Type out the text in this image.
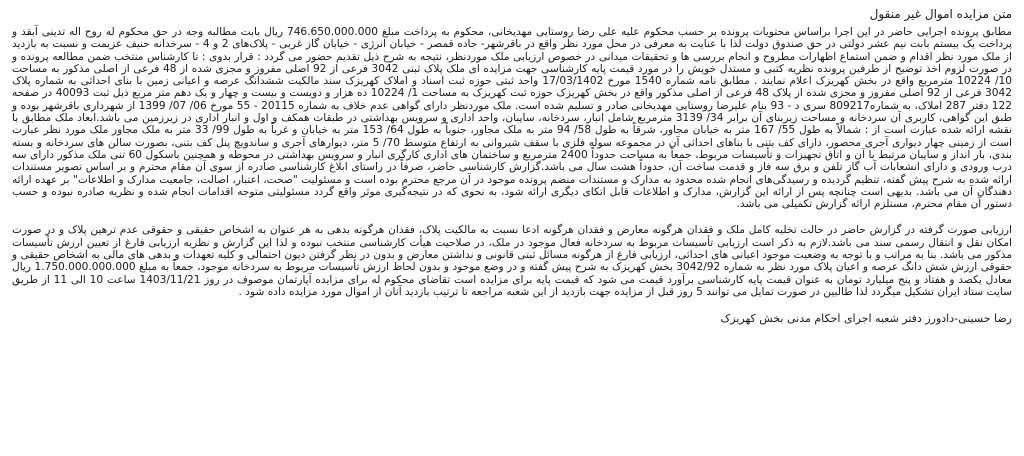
متن مزایده اموال غیر منقول

مطابق پرونده اجرایی حاضر در این اجرا براساس محتویات پرونده بر حسب محکوم علیه علی رضا روستایی مهدیخانی، محکوم به پرداخت مبلغ 746.650.000.000 ریال بابت مطالبه وجه در حق محکوم له روح اله تدینی آبقد و پرداخت یک بیستم بابت نیم عشر دولتی در حق صندوق دولت لذا با عنایت به معرفی در محل مورد نظر واقع در باقرشهر- جاده قمصر - خیابان انرژی - خیابان گاز غربی - پلاک‌های 2 و 4 - سرخدانه حنیف عزیمت و نسبت به بازدید از ملک مورد نظر اقدام و ضمن استماع اظهارات مطروح و انجام بررسی ها و تحقیقات میدانی در خصوص ارزیابی ملک موردنظر، نتیجه به شرح ذیل تقدیم حضور می گردد : قرار بدوی : تا کارشناس منتخب ضمن مطالعه پرونده و در صورت لزوم اخذ توضیح از طرفین پرونده نظریه کتبی و مستدل خویش را در مورد قیمت پایه کارشناسی جهت مزایده ای ملک پلاک ثبتی 3042 فرعی از 92 اصلی مفروز و مجزی شده از 48 فرعی از اصلی مذکور به مساحت 10/ 10224 مترمربع واقع در بخش کهریزک اعلام نمایند . مطابق نامه شماره 1540 مورخ 17/03/1402 واحد ثبتی حوزه ثبت اسناد و املاک کهریزک سند مالکیت ششدانگ عرصه و اعیانی زمین با بنای احداثی به شماره پلاک 3042 فرعی از 92 اصلی مفروز و مجزی شده از پلاک 48 فرعی از اصلی مذکور واقع در بخش کهریزک حوزه ثبت کهریزک به مساحت 1/ 10224 ده هزار و دویست و بیست و چهار و یک دهم متر مربع ذیل ثبت 40093 در صفحه 122 دفتر 287 املاک، به شماره809217 سری د - 93 بنام علیرضا روستایی مهدیخانی صادر و تسلیم شده است. ملک موردنظر دارای گواهی عدم خلاف به شماره 20115 - 55 مورخ 06/ 07/ 1399 از شهرداری باقرشهر بوده و طبق این گواهی، کاربری آن سردخانه و مساحت زیربنای آن برابر 34/ 3139 مترمربع شامل انبار، سردخانه، سایبان، واحد اداری و سرویس بهداشتی در طبقات همکف و اول و انبار اداری در زیرزمین می باشد.ابعاد ملک مطابق با نقشه ارائه شده عبارت است از : شمالاً به طول 55/ 167 متر به خیابان مجاور، شرقاً به طول 58/ 94 متر به ملک مجاور، جنوباً به طول 64/ 153 متر به خیابان و غرباً به طول 99/ 33 متر به ملک مجاور ملک مورد نظر عبارت است از زمینی چهار دیواری آجری محصور، دارای کف بتنی با بناهای احداثی آن در مجموعه سوله فلزی با سقف شیروانی به ارتفاع متوسط 70/ 5 متر، دیوارهای آجری و ساندویچ پنل کف بتنی، بصورت سالن های سردخانه و بسته بندی، بار انداز و سایبان مرتبط با آن و اتاق تجهیزات و تأسیسات مربوط، جمعاً به مساحت حدوداً 2400 مترمربع و ساختمان های اداری کارگری انبار و سرویس بهداشتی در محوطه و همچنین باسکول 60 تنی ملک مذکور دارای سه درب ورودی و دارای انشعابات آب گاز تلفن و برق سه فاز و قدمت ساخت آن، حدوداً هشت سال می باشد.گزارش کارشناسی حاضر، صرفاً در راستای ابلاغ کارشناسی صادره از سوی آن مقام محترم و بر اساس تصویر مستندات ارائه شده به شرح پیش گفته، تنظیم گردیده و رسیدگی‌های انجام شده محدود به مدارک و مستندات منضم پرونده موجود در آن مرجع محترم بوده است و مسئولیت "صحت، اعتبار، اصالت، جامعیت مدارک و اطلاعات" بر عهده ارائه دهندگان آن می باشد. بدیهی است چنانچه پس از ارائه این گزارش، مدارک و اطلاعات قابل اتکای دیگری ارائه شود، به نحوی که در نتیجه‌گیری موثر واقع گردد مسئولیتی متوجه اقدامات انجام شده و نظریه صادره نبوده و حسب دستور آن مقام محترم، مستلزم ارائه گزارش تکمیلی می باشد.

ارزیابی صورت گرفته در گزارش حاضر در حالت تخلیه کامل ملک و فقدان هرگونه معارض و فقدان هرگونه ادعا نسبت به مالکیت پلاک، فقدان هرگونه بدهی به هر عنوان به اشخاص حقیقی و حقوقی عدم ترهین پلاک و در صورت امکان نقل و انتقال رسمی سند می باشد.لازم به ذکر است ارزیابی تأسیسات مربوط به سردخانه فعال موجود در ملک، در صلاحیت هیأت کارشناسی منتخب نبوده و لذا این گزارش و نظریه ارزیابی فارغ از تعیین ارزش تأسیسات مذکور می باشد. بنا به مراتب و با توجه به وضعیت موجود اعیانی های احداثی، ارزیابی فارغ از هرگونه مسائل ثبتی قانونی و نداشتن معارض و بدون در نظر گرفتن دیون احتمالی و کلیه تعهدات و بدهی های مالی به اشخاص حقیقی و حقوقی ارزش شش دانگ عرصه و اعیان پلاک مورد نظر به شماره 3042/92 بخش کهریزک به شرح پیش گفته و در وضع موجود و بدون لحاظ ارزش تأسیسات مربوط به سردخانه موجود، جمعاً به مبلغ 1.750.000.000.000 ریال معادل یکصد و هفتاد و پنج میلیارد تومان به عنوان قیمت پایه کارشناسی برآورد قیمت می شود که قیمت پایه برای مزایده است تقاضای محکوم له برای مزایده آپارتمان موصوف در روز 1403/11/21 ساعت 10 الی 11 از طریق سایت ستاد ایران تشکیل میگردد لذا طالبین در صورت تمایل می توانند 5 روز قبل از مزایده جهت بازدید از این شعبه مراجعه تا ترتیب بازدید آنان از اموال مورد مزایده داده شود .

رضا حسینی-دادورز دفتر شعبه اجرای احکام مدنی بخش کهریزک
